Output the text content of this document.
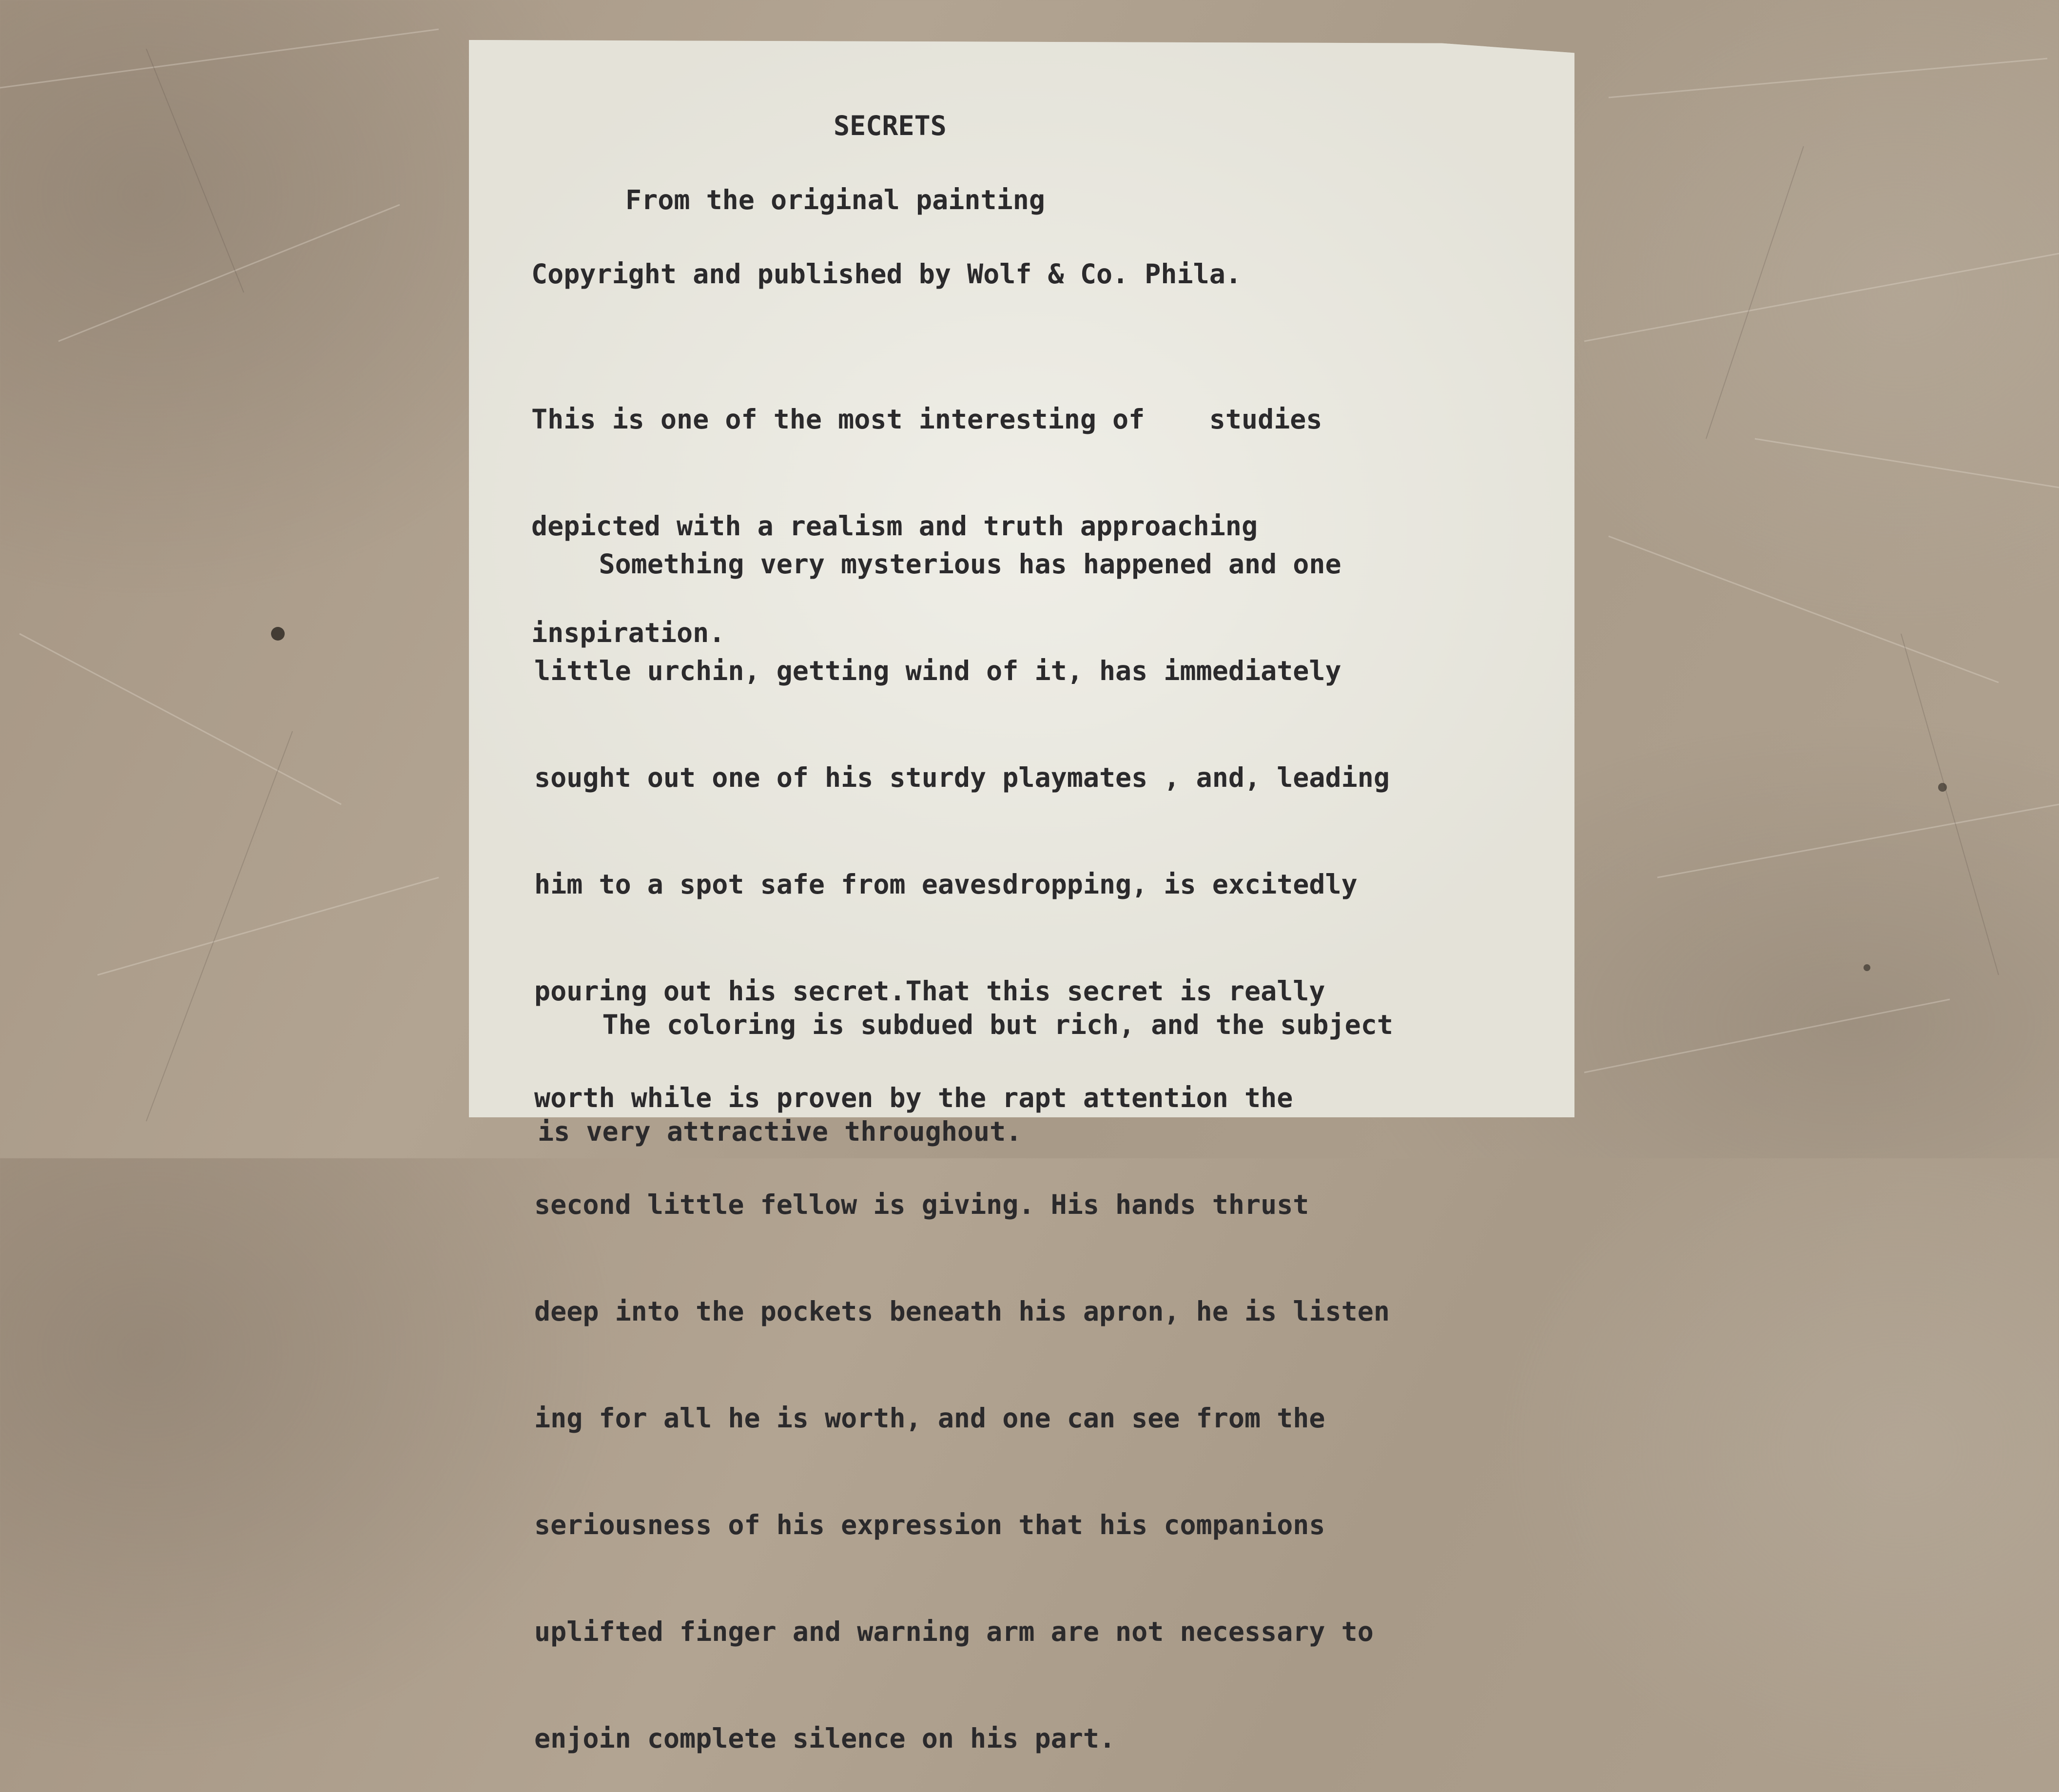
SECRETS
From the original painting
Copyright and published by Wolf & Co. Phila.

This is one of the most interesting of    studies

depicted with a realism and truth approaching

inspiration.

Something very mysterious has happened and one

little urchin, getting wind of it, has immediately

sought out one of his sturdy playmates , and, leading

him to a spot safe from eavesdropping, is excitedly

pouring out his secret.That this secret is really

worth while is proven by the rapt attention the

second little fellow is giving. His hands thrust

deep into the pockets beneath his apron, he is listen

ing for all he is worth, and one can see from the

seriousness of his expression that his companions

uplifted finger and warning arm are not necessary to

enjoin complete silence on his part.

The coloring is subdued but rich, and the subject

is very attractive throughout.
